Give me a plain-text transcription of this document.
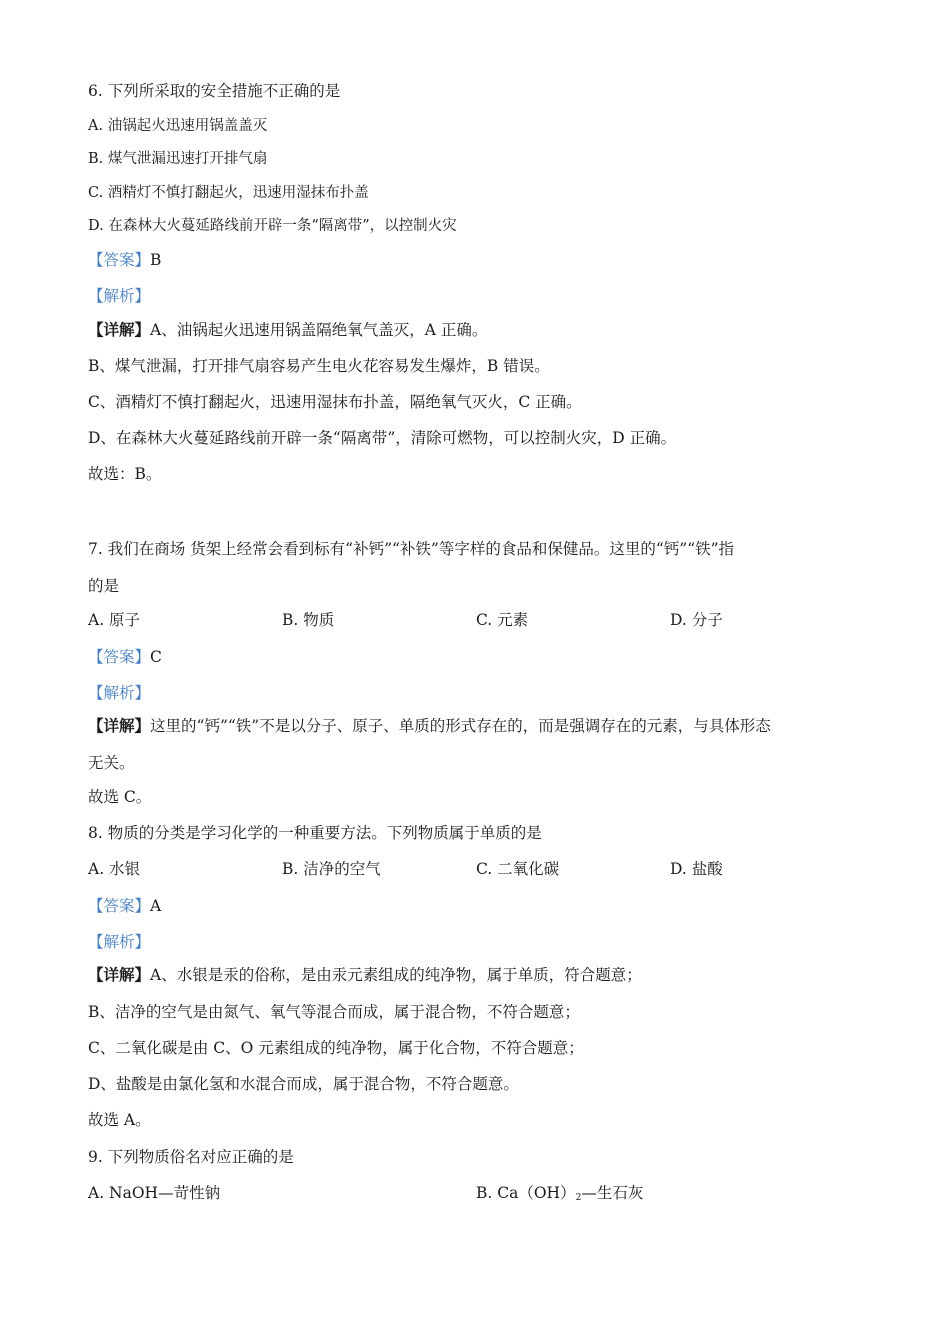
6. 下列所采取的安全措施不正确的是
A. 油锅起火迅速用锅盖盖灭
B. 煤气泄漏迅速打开排气扇
C. 酒精灯不慎打翻起火，迅速用湿抹布扑盖
D. 在森林大火蔓延路线前开辟一条“隔离带”，以控制火灾
【答案】B
【解析】
【详解】A、油锅起火迅速用锅盖隔绝氧气盖灭，A 正确。
B、煤气泄漏，打开排气扇容易产生电火花容易发生爆炸，B 错误。
C、酒精灯不慎打翻起火，迅速用湿抹布扑盖，隔绝氧气灭火，C 正确。
D、在森林大火蔓延路线前开辟一条“隔离带”，清除可燃物，可以控制火灾，D 正确。
故选：B。
7. 我们在商场 货架上经常会看到标有“补钙”“补铁”等字样的食品和保健品。这里的“钙”“铁”指
的是
A. 原子	B. 物质	C. 元素	D. 分子
【答案】C
【解析】
【详解】这里的“钙”“铁”不是以分子、原子、单质的形式存在的，而是强调存在的元素，与具体形态
无关。
故选 C。
8. 物质的分类是学习化学的一种重要方法。下列物质属于单质的是
A. 水银	B. 洁净的空气	C. 二氧化碳	D. 盐酸
【答案】A
【解析】
【详解】A、水银是汞的俗称，是由汞元素组成的纯净物，属于单质，符合题意；
B、洁净的空气是由氮气、氧气等混合而成，属于混合物，不符合题意；
C、二氧化碳是由 C、O 元素组成的纯净物，属于化合物，不符合题意；
D、盐酸是由氯化氢和水混合而成，属于混合物，不符合题意。
故选 A。
9. 下列物质俗名对应正确的是
A. NaOH—苛性钠	B. $Ca(OH)_2—$生石灰
